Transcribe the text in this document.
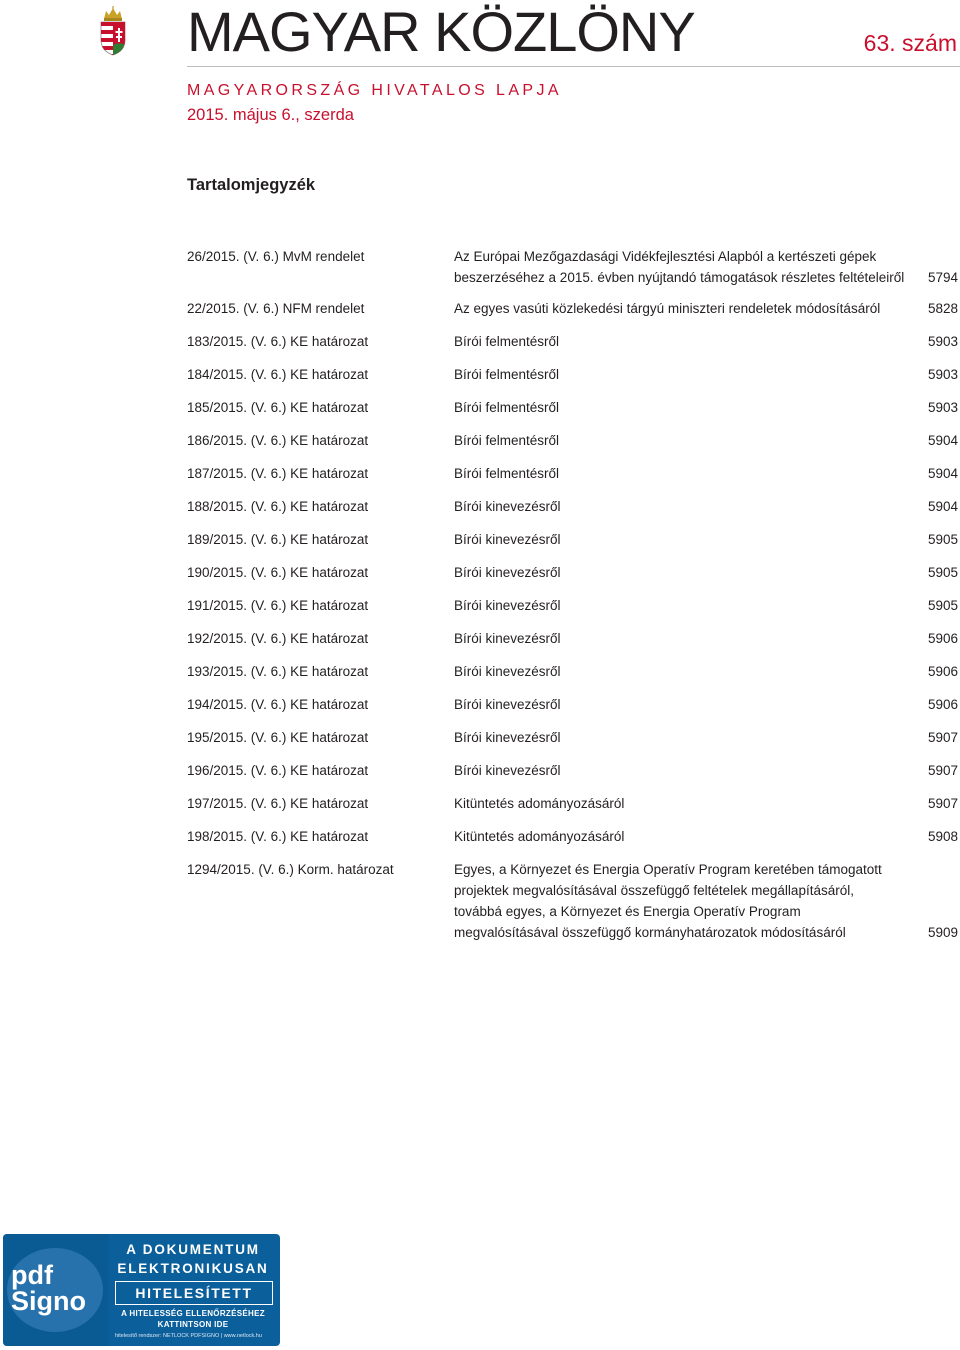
MAGYAR KÖZLÖNY	63. szám
MAGYARORSZÁG HIVATALOS LAPJA
2015. május 6., szerda
Tartalomjegyzék
26/2015. (V. 6.) MvM rendelet	Az Európai Mezőgazdasági Vidékfejlesztési Alapból a kertészeti gépek
beszerzéséhez a 2015. évben nyújtandó támogatások részletes feltételeiről 5794
22/2015. (V. 6.) NFM rendelet	Az egyes vasúti közlekedési tárgyú miniszteri rendeletek módosításáról	5828
183/2015. (V. 6.) KE határozat	Bírói felmentésről	5903
184/2015. (V. 6.) KE határozat	Bírói felmentésről	5903
185/2015. (V. 6.) KE határozat	Bírói felmentésről	5903
186/2015. (V. 6.) KE határozat	Bírói felmentésről	5904
187/2015. (V. 6.) KE határozat	Bírói felmentésről	5904
188/2015. (V. 6.) KE határozat	Bírói kinevezésről	5904
189/2015. (V. 6.) KE határozat	Bírói kinevezésről	5905
190/2015. (V. 6.) KE határozat	Bírói kinevezésről	5905
191/2015. (V. 6.) KE határozat	Bírói kinevezésről	5905
192/2015. (V. 6.) KE határozat	Bírói kinevezésről	5906
193/2015. (V. 6.) KE határozat	Bírói kinevezésről	5906
194/2015. (V. 6.) KE határozat	Bírói kinevezésről	5906
195/2015. (V. 6.) KE határozat	Bírói kinevezésről	5907
196/2015. (V. 6.) KE határozat	Bírói kinevezésről	5907
197/2015. (V. 6.) KE határozat	Kitüntetés adományozásáról	5907
198/2015. (V. 6.) KE határozat	Kitüntetés adományozásáról	5908
1294/2015. (V. 6.) Korm. határozat	Egyes, a Környezet és Energia Operatív Program keretében támogatott
projektek megvalósításával összefüggő feltételek megállapításáról,
továbbá egyes, a Környezet és Energia Operatív Program
megvalósításával összefüggő kormányhatározatok módosításáról	5909
pdf
Signo
A DOKUMENTUM
ELEKTRONIKUSAN
HITELESÍTETT
A HITELESSÉG ELLENŐRZÉSÉHEZ
KATTINTSON IDE
hitelesítő rendszer: NETLOCK PDFSIGNO | www.netlock.hu
